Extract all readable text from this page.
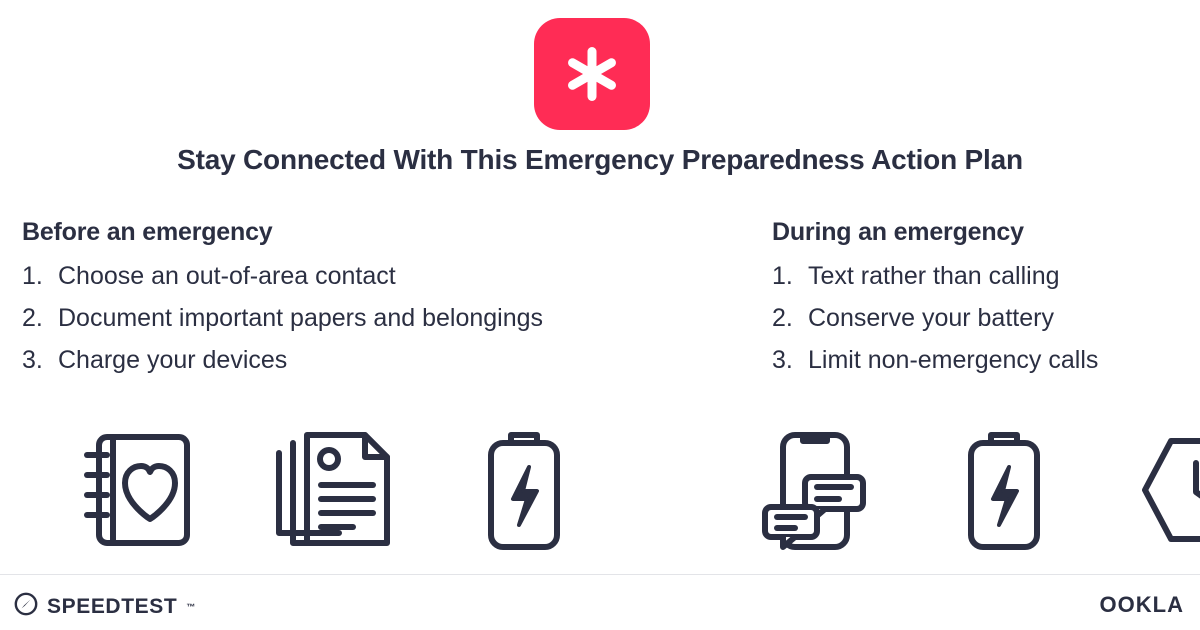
Stay Connected With This Emergency Preparedness Action Plan
Before an emergency
1. Choose an out-of-area contact
2. Document important papers and belongings
3. Charge your devices
During an emergency
1. Text rather than calling
2. Conserve your battery
3. Limit non-emergency calls
SPEEDTEST ™	OOKLA
